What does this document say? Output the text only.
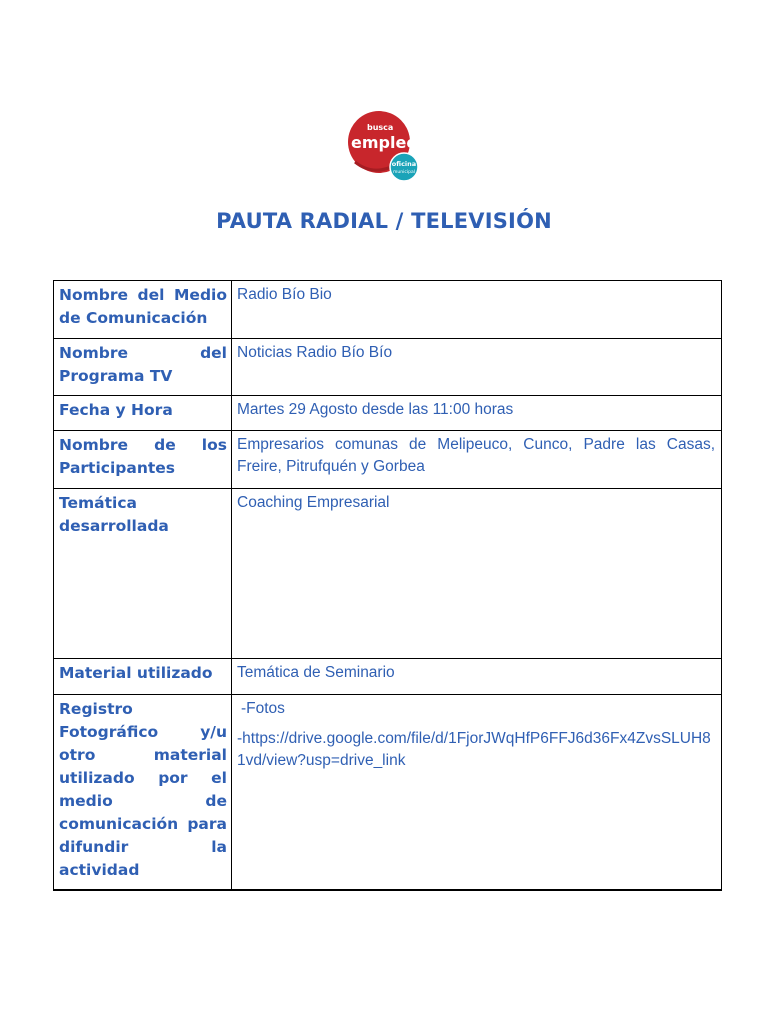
busca
empleo
oficina
municipal
PAUTA RADIAL / TELEVISIÓN
Nombre del Medio de Comunicación	Radio Bío Bio
Nombre del Programa TV	Noticias Radio Bío Bío
Fecha y Hora	Martes 29 Agosto desde las 11:00 horas
Nombre de los Participantes	Empresarios comunas de Melipeuco, Cunco, Padre las Casas, Freire, Pitrufquén y Gorbea
Temática desarrollada	Coaching Empresarial
Material utilizado	Temática de Seminario
Registro Fotográfico y/u otro material utilizado por el medio de comunicación para difundir la actividad	-Fotos
-https://drive.google.com/file/d/1FjorJWqHfP6FFJ6d36Fx4ZvsSLUH81vd/view?usp=drive_link
